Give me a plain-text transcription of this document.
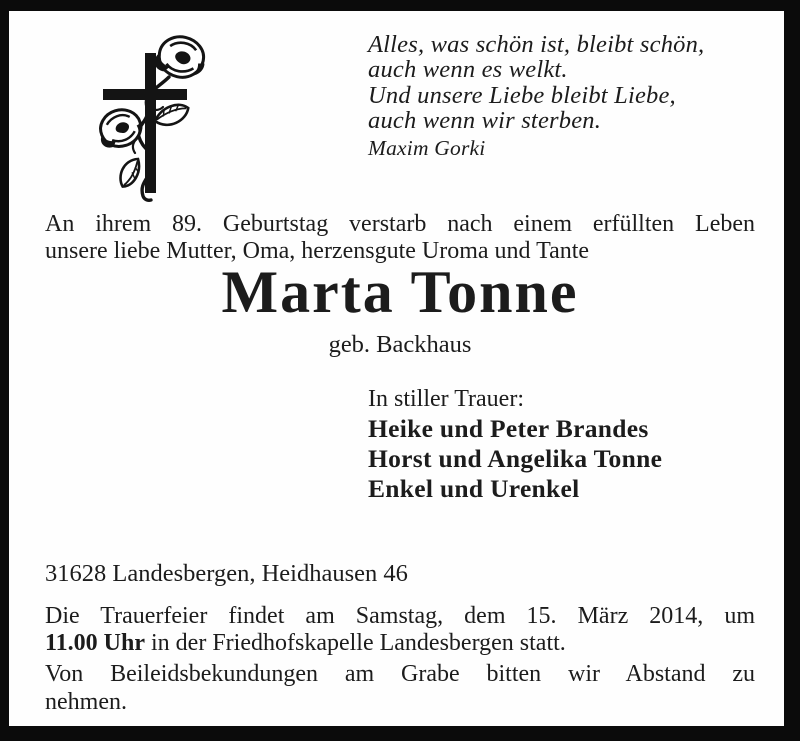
Alles, was schön ist, bleibt schön,
auch wenn es welkt.
Und unsere Liebe bleibt Liebe,
auch wenn wir sterben.
Maxim Gorki
An ihrem 89. Geburtstag verstarb nach einem erfüllten Leben
unsere liebe Mutter, Oma, herzensgute Uroma und Tante
Marta Tonne
geb. Backhaus
In stiller Trauer:
Heike und Peter Brandes
Horst und Angelika Tonne
Enkel und Urenkel
31628 Landesbergen, Heidhausen 46
Die Trauerfeier findet am Samstag, dem 15. März 2014, um
11.00 Uhr in der Friedhofskapelle Landesbergen statt.
Von Beileidsbekundungen am Grabe bitten wir Abstand zu
nehmen.
